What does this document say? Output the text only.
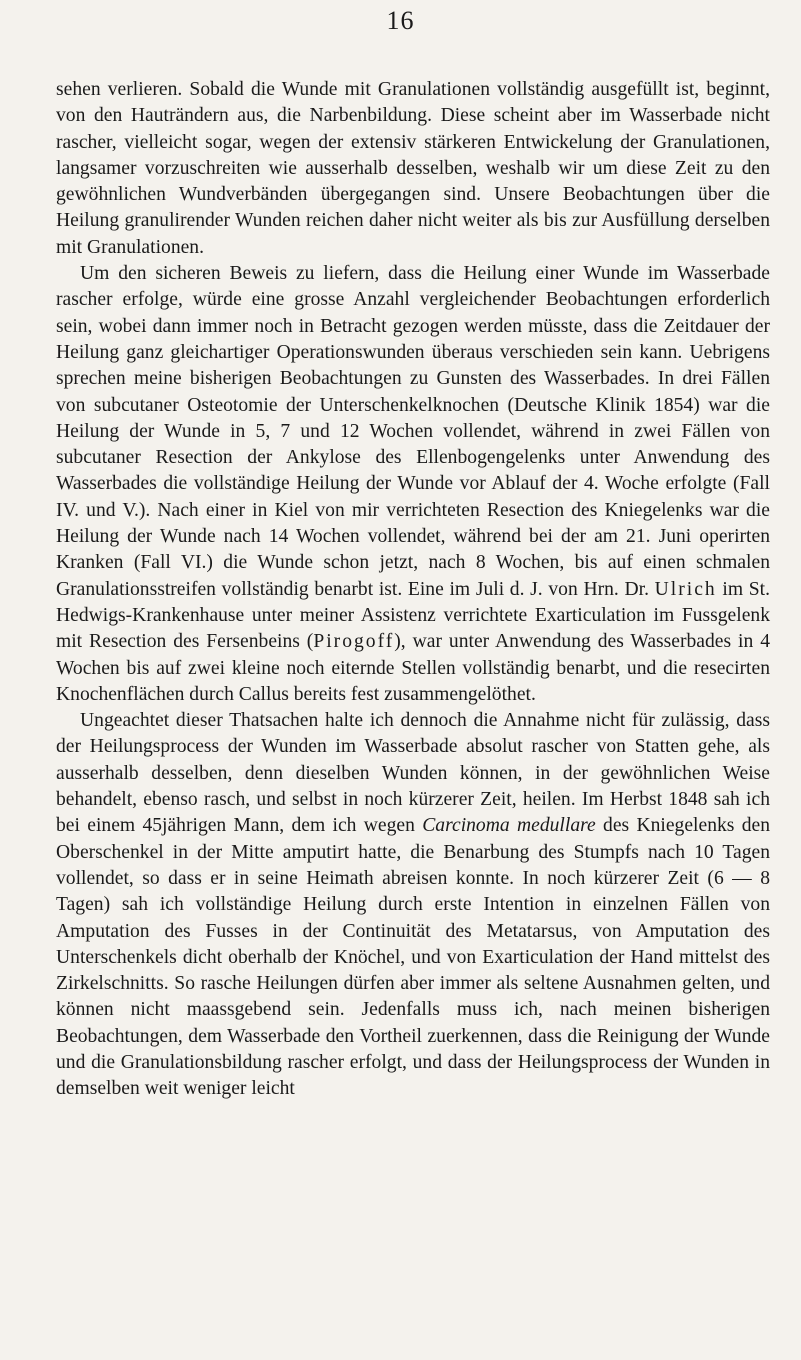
16

sehen verlieren. Sobald die Wunde mit Granulationen vollständig ausgefüllt ist, beginnt, von den Hauträndern aus, die Narbenbildung. Diese scheint aber im Wasserbade nicht rascher, vielleicht sogar, wegen der extensiv stärkeren Entwickelung der Granulationen, langsamer vorzuschreiten wie ausserhalb desselben, weshalb wir um diese Zeit zu den gewöhnlichen Wundverbänden übergegangen sind. Unsere Beobachtungen über die Heilung granulirender Wunden reichen daher nicht weiter als bis zur Ausfüllung derselben mit Granulationen.

Um den sicheren Beweis zu liefern, dass die Heilung einer Wunde im Wasserbade rascher erfolge, würde eine grosse Anzahl vergleichender Beobachtungen erforderlich sein, wobei dann immer noch in Betracht gezogen werden müsste, dass die Zeitdauer der Heilung ganz gleichartiger Operationswunden überaus verschieden sein kann. Uebrigens sprechen meine bisherigen Beobachtungen zu Gunsten des Wasserbades. In drei Fällen von subcutaner Osteotomie der Unterschenkelknochen (Deutsche Klinik 1854) war die Heilung der Wunde in 5, 7 und 12 Wochen vollendet, während in zwei Fällen von subcutaner Resection der Ankylose des Ellenbogengelenks unter Anwendung des Wasserbades die vollständige Heilung der Wunde vor Ablauf der 4. Woche erfolgte (Fall IV. und V.). Nach einer in Kiel von mir verrichteten Resection des Kniegelenks war die Heilung der Wunde nach 14 Wochen vollendet, während bei der am 21. Juni operirten Kranken (Fall VI.) die Wunde schon jetzt, nach 8 Wochen, bis auf einen schmalen Granulationsstreifen vollständig benarbt ist. Eine im Juli d. J. von Hrn. Dr. Ulrich im St. Hedwigs-Krankenhause unter meiner Assistenz verrichtete Exarticulation im Fussgelenk mit Resection des Fersenbeins (Pirogoff), war unter Anwendung des Wasserbades in 4 Wochen bis auf zwei kleine noch eiternde Stellen vollständig benarbt, und die resecirten Knochenflächen durch Callus bereits fest zusammengelöthet.

Ungeachtet dieser Thatsachen halte ich dennoch die Annahme nicht für zulässig, dass der Heilungsprocess der Wunden im Wasserbade absolut rascher von Statten gehe, als ausserhalb desselben, denn dieselben Wunden können, in der gewöhnlichen Weise behandelt, ebenso rasch, und selbst in noch kürzerer Zeit, heilen. Im Herbst 1848 sah ich bei einem 45jährigen Mann, dem ich wegen Carcinoma medullare des Kniegelenks den Oberschenkel in der Mitte amputirt hatte, die Benarbung des Stumpfs nach 10 Tagen vollendet, so dass er in seine Heimath abreisen konnte. In noch kürzerer Zeit (6 — 8 Tagen) sah ich vollständige Heilung durch erste Intention in einzelnen Fällen von Amputation des Fusses in der Continuität des Metatarsus, von Amputation des Unterschenkels dicht oberhalb der Knöchel, und von Exarticulation der Hand mittelst des Zirkelschnitts. So rasche Heilungen dürfen aber immer als seltene Ausnahmen gelten, und können nicht maassgebend sein. Jedenfalls muss ich, nach meinen bisherigen Beobachtungen, dem Wasserbade den Vortheil zuerkennen, dass die Reinigung der Wunde und die Granulationsbildung rascher erfolgt, und dass der Heilungsprocess der Wunden in demselben weit weniger leicht
